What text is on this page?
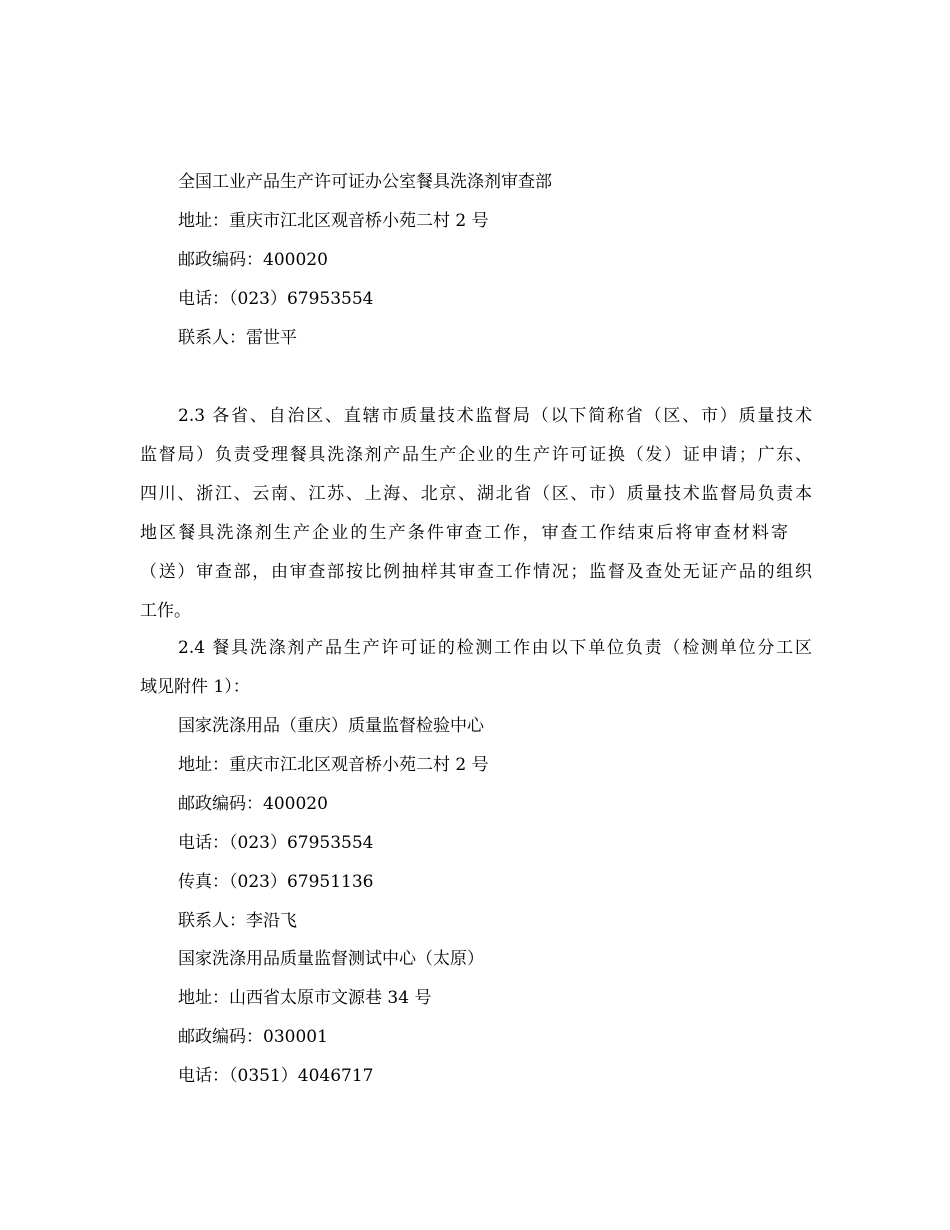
全国工业产品生产许可证办公室餐具洗涤剂审查部
地址：重庆市江北区观音桥小苑二村 2 号
邮政编码：400020
电话：（023）67953554
联系人：雷世平
2.3 各省、自治区、直辖市质量技术监督局（以下简称省（区、市）质量技术
监督局）负责受理餐具洗涤剂产品生产企业的生产许可证换（发）证申请；广东、
四川、浙江、云南、江苏、上海、北京、湖北省（区、市）质量技术监督局负责本
地区餐具洗涤剂生产企业的生产条件审查工作，审查工作结束后将审查材料寄
（送）审查部，由审查部按比例抽样其审查工作情况；监督及查处无证产品的组织
工作。
2.4 餐具洗涤剂产品生产许可证的检测工作由以下单位负责（检测单位分工区
域见附件 1）：
国家洗涤用品（重庆）质量监督检验中心
地址：重庆市江北区观音桥小苑二村 2 号
邮政编码：400020
电话：（023）67953554
传真：（023）67951136
联系人：李沿飞
国家洗涤用品质量监督测试中心（太原）
地址：山西省太原市文源巷 34 号
邮政编码：030001
电话：（0351）4046717
